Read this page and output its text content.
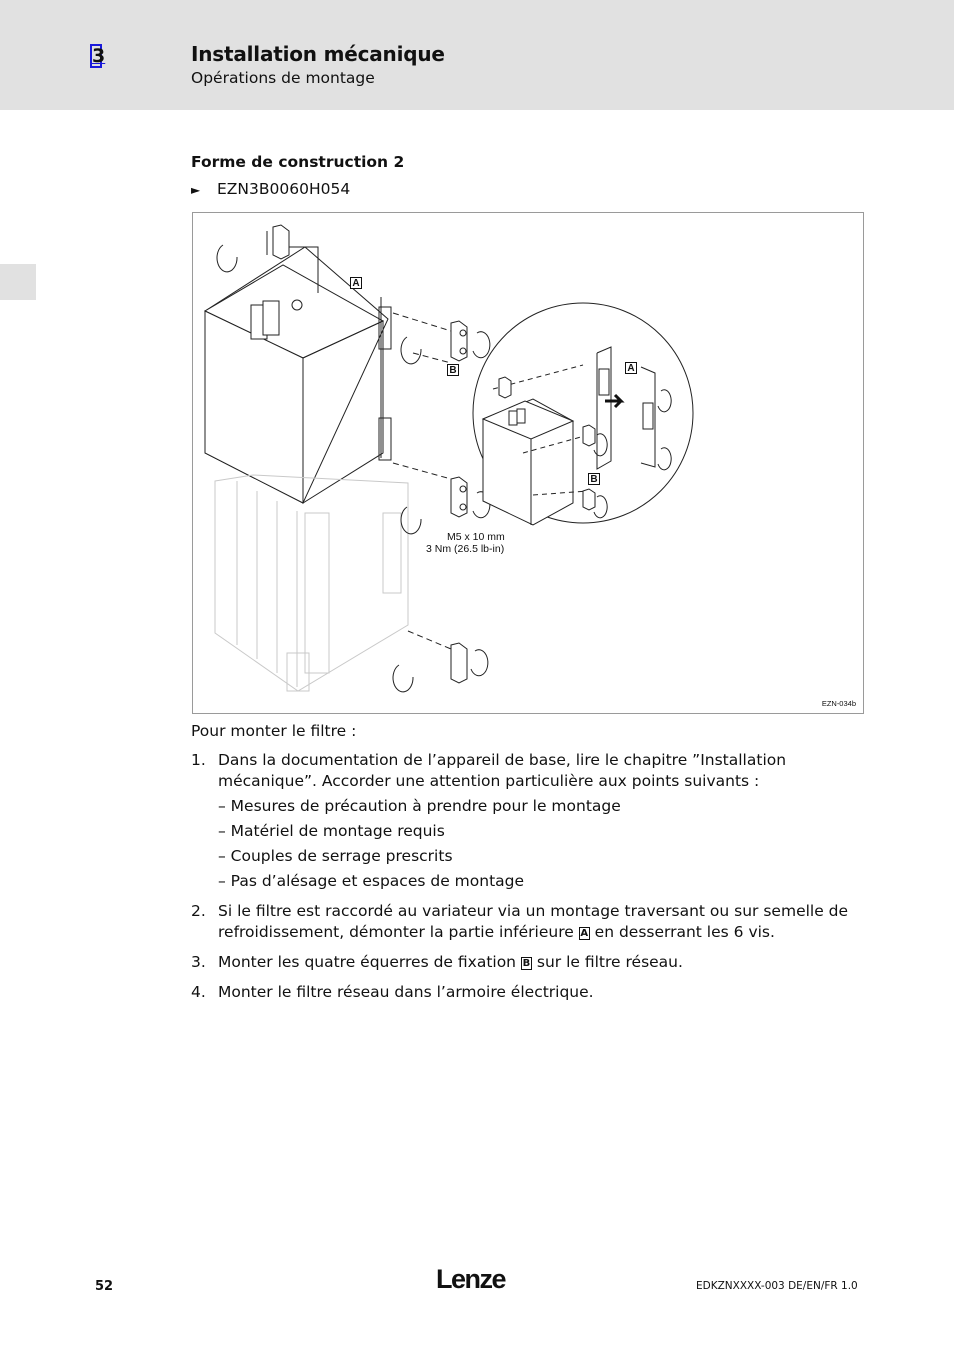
3	Installation mécanique
Opérations de montage
Forme de construction 2
► EZN3B0060H054
A
B	A
B
M5 x 10 mm
3 Nm (26.5 lb-in)
EZN-034b
Pour monter le filtre :
1. Dans la documentation de l’appareil de base, lire le chapitre ”Installation mécanique”. Accorder une attention particulière aux points suivants :
– Mesures de précaution à prendre pour le montage
– Matériel de montage requis
– Couples de serrage prescrits
– Pas d’alésage et espaces de montage
2. Si le filtre est raccordé au variateur via un montage traversant ou sur semelle de refroidissement, démonter la partie inférieure A en desserrant les 6 vis.
3. Monter les quatre équerres de fixation B sur le filtre réseau.
4. Monter le filtre réseau dans l’armoire électrique.
52	Lenze	EDKZNXXXX-003 DE/EN/FR 1.0
